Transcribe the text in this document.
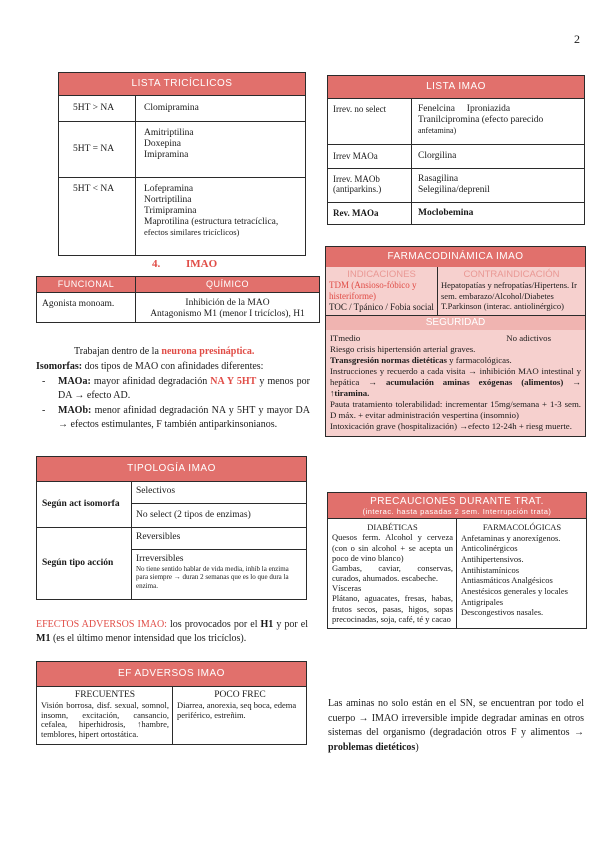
2
LISTA TRICÍCLICOS	
5HT > NA	Clomipramina
5HT = NA	Amitriptilina
Doxepina
Imipramina

5HT < NA	Lofepramina
Nortriptilina
Trimipramina
Maprotilina (estructura tetracíclica,
efectos similares tricíclicos)
4. IMAO
FUNCIONAL	QUÍMICO
Agonista monoam.	Inhibición de la MAO
Antagonismo M1 (menor I tricíclos), H1
Trabajan dentro de la neurona presináptica.
Isomorfas: dos tipos de MAO con afinidades diferentes:
-	MAOa: mayor afinidad degradación NA Y 5HT y menos por DA → efecto AD.
-	MAOb: menor afinidad degradación NA y 5HT y mayor DA → efectos estimulantes, F también antiparkinsonianos.
TIPOLOGÍA IMAO	
Según act isomorfa	Selectivos
	No select (2 tipos de enzimas)
Según tipo acción	Reversibles

	Irreversibles
No tiene sentido hablar de vida media, inhib la enzima para siempre → duran 2 semanas que es lo que dura la enzima.
EFECTOS ADVERSOS IMAO: los provocados por el H1 y por el M1 (es el último menor intensidad que los tricíclos).
EF ADVERSOS IMAO

FRECUENTES
Visión borrosa, disf. sexual, somnol, insomn, excitación, cansancio, cefalea, hiperhidrosis, ↑hambre, temblores, hipert ortostática.

POCO FREC
Diarrea, anorexia, seq boca, edema periférico, estreñim.
LISTA IMAO	
Irrev. no select	Fenelcina     Iproniazida
Tranilcipromina (efecto parecido
anfetamina)

Irrev MAOa	Clorgilina
Irrev. MAOb (antiparkins.)	Rasagilina
Selegilina/deprenil

Rev. MAOa	Moclobemina
FARMACODINÁMICA IMAO
INDICACIONES
TDM (Ansioso-fóbico y histeriforme)
TOC / Tpánico / Fobia social
CONTRAINDICACIÓN
Hepatopatías y nefropatías/Hipertens. Ir sem. embarazo/Alcohol/Diabetes T.Parkinson (interac. antiolinérgico)
SEGURIDAD
ITmedio	No adictivos
Riesgo crisis hipertensión arterial graves.
Transgresión normas dietéticas y farmacológicas.
Instrucciones y recuerdo a cada visita → inhibición MAO intestinal y hepática → acumulación aminas exógenas (alimentos) → ↑tiramina.
Pauta tratamiento tolerabilidad: incrementar 15mg/semana + 1-3 sem. D máx. + evitar administración vespertina (insomnio)
Intoxicación grave (hospitalización) →efecto 12-24h + riesg muerte.
PRECAUCIONES DURANTE TRAT.
(interac. hasta pasadas 2 sem. Interrupción trata)
DIABÉTICAS
Quesos ferm. Alcohol y cerveza (con o sin alcohol + se acepta un poco de vino blanco)
Gambas, caviar, conservas, curados, ahumados. escabeche.
Vísceras
Plátano, aguacates, fresas, habas, frutos secos, pasas, higos, sopas precocinadas, soja, café, té y cacao
FARMACOLÓGICAS
Anfetaminas y anorexígenos.
Anticolinérgicos
Antihipertensivos.
Antihistamínicos
Antiasmáticos Analgésicos
Anestésicos generales y locales
Antigripales
Descongestivos nasales.
Las aminas no solo están en el SN, se encuentran por todo el cuerpo → IMAO irreversible impide degradar aminas en otros sistemas del organismo (degradación otros F y alimentos → problemas dietéticos)
